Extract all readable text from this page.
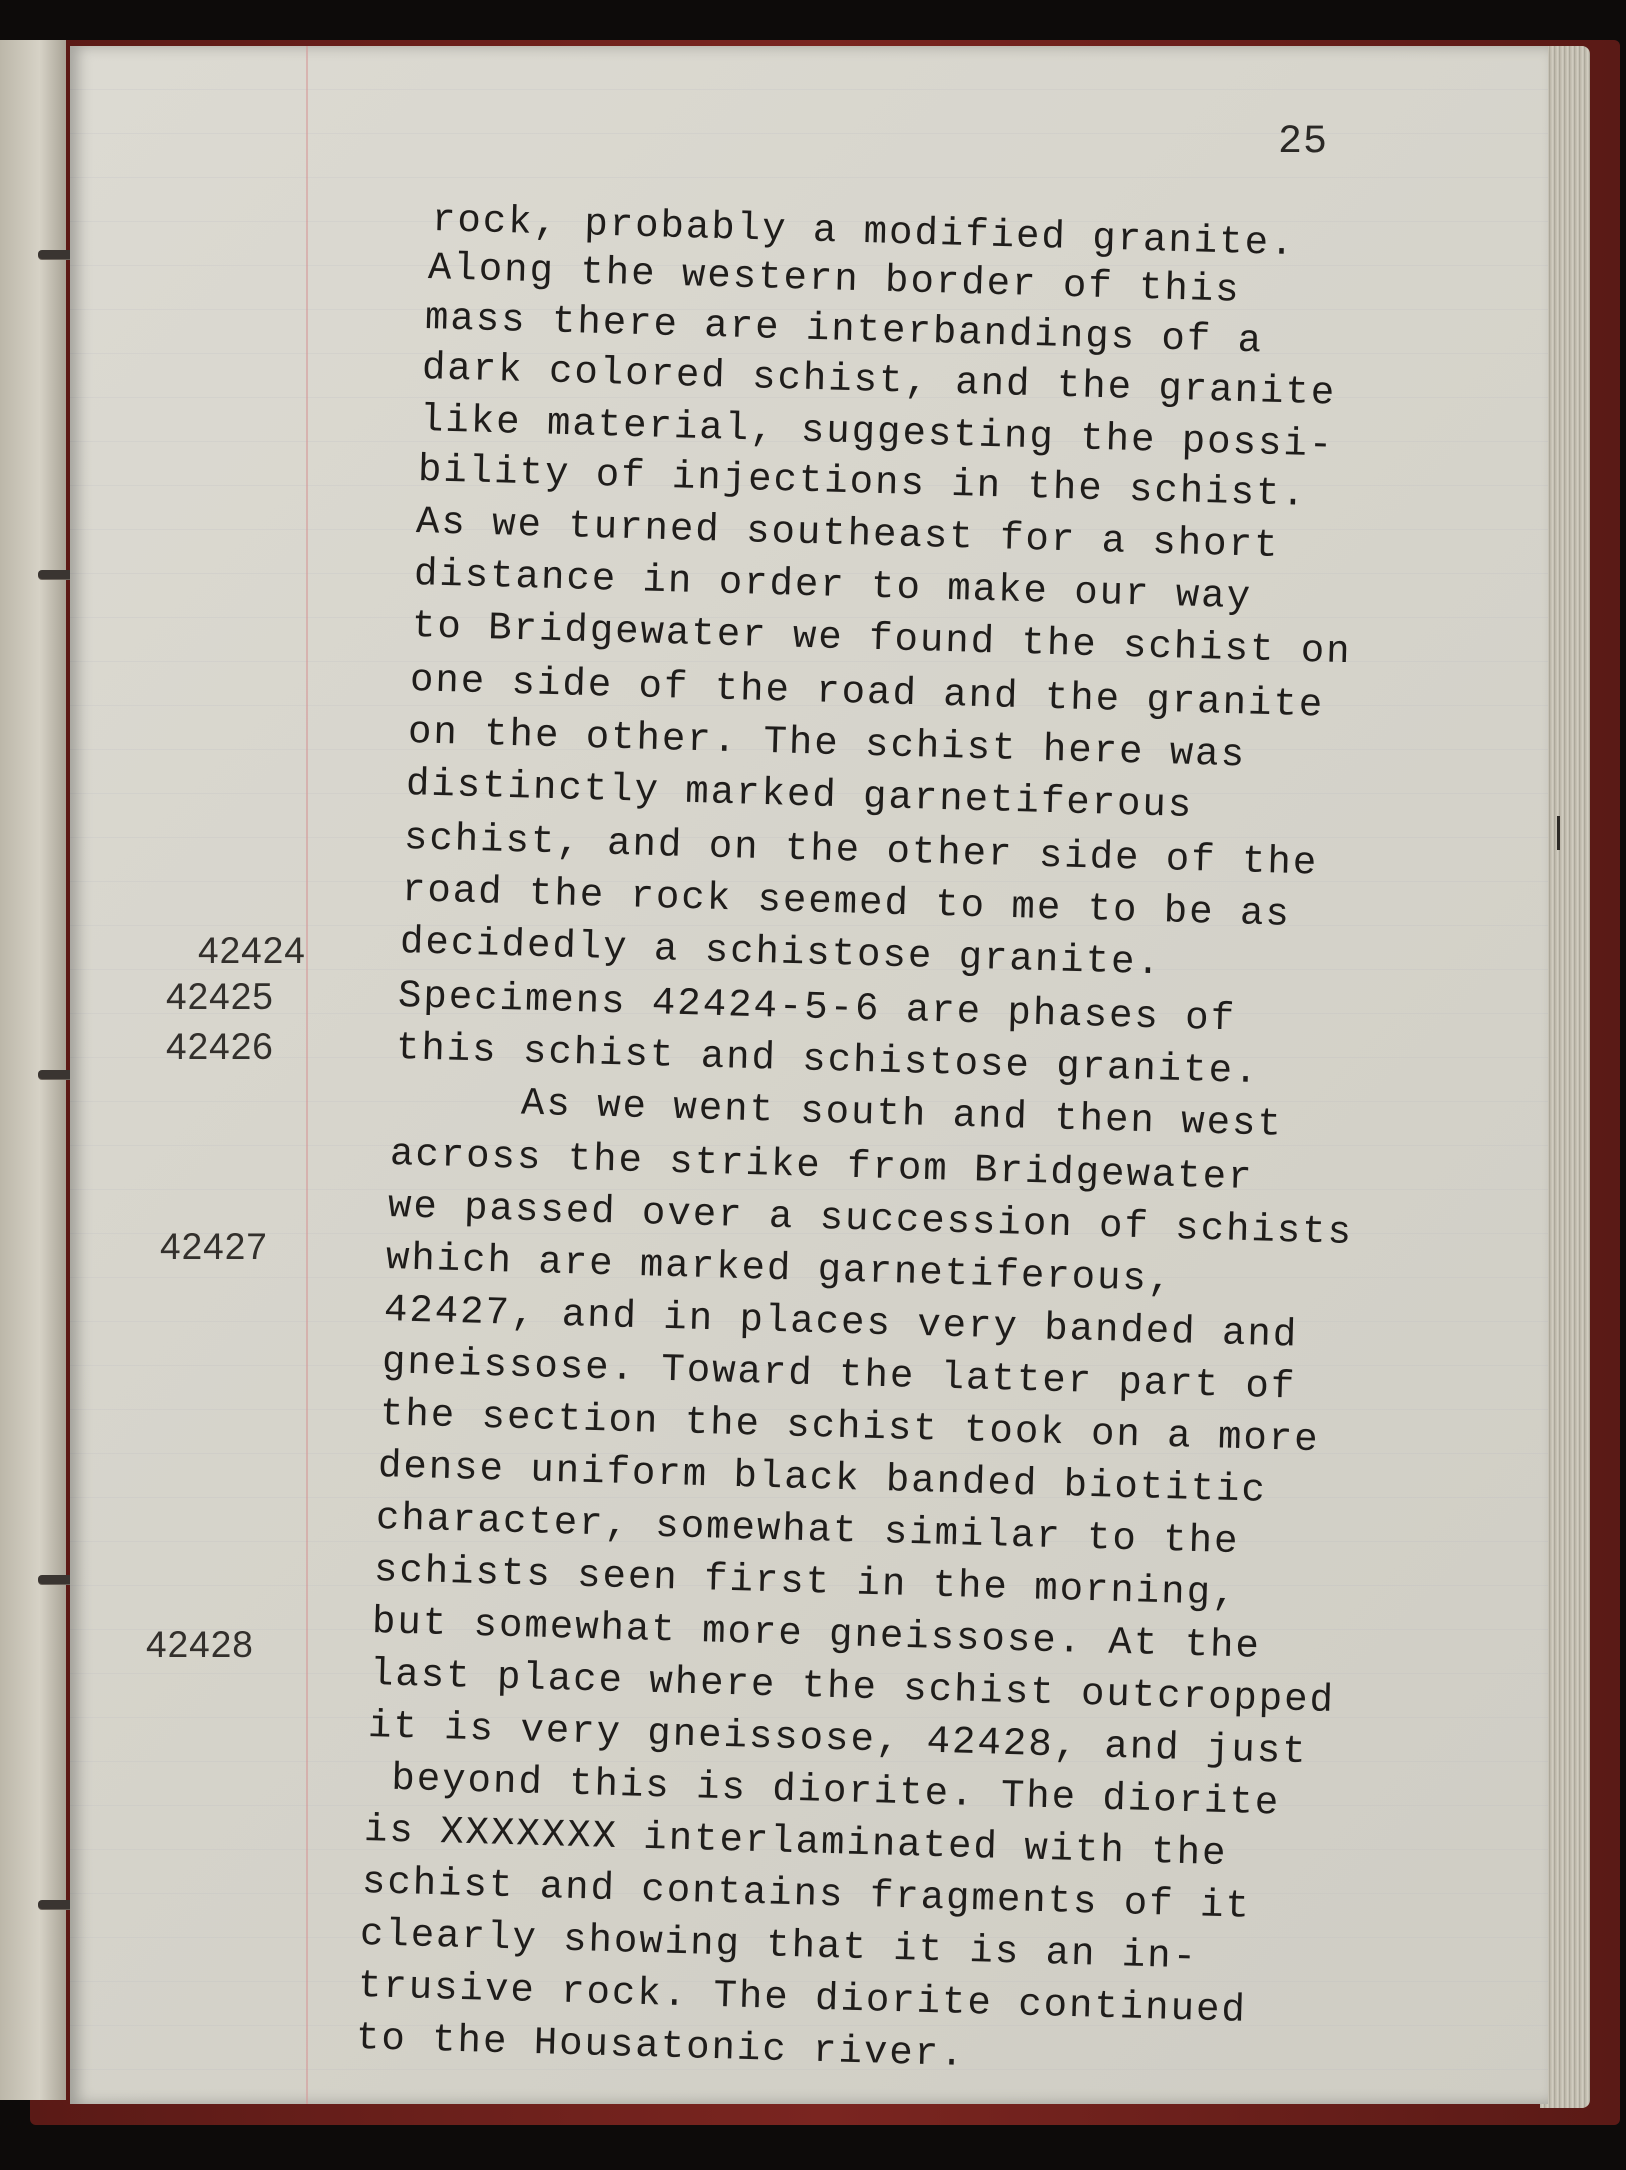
25
rock, probably a modified granite.
Along the western border of this
mass there are interbandings of a
dark colored schist, and the granite
like material, suggesting the possi-
bility of injections in the schist.
As we turned southeast for a short
distance in order to make our way
to Bridgewater we found the schist on
one side of the road and the granite
on the other. The schist here was
distinctly marked garnetiferous
schist, and on the other side of the
road the rock seemed to me to be as
decidedly a schistose granite.
Specimens 42424-5-6 are phases of
this schist and schistose granite.
As we went south and then west
across the strike from Bridgewater
we passed over a succession of schists
which are marked garnetiferous,
42427, and in places very banded and
gneissose. Toward the latter part of
the section the schist took on a more
dense uniform black banded biotitic
character, somewhat similar to the
schists seen first in the morning,
but somewhat more gneissose. At the
last place where the schist outcropped
it is very gneissose, 42428, and just
beyond this is diorite. The diorite
is XXXXXXX interlaminated with the
schist and contains fragments of it
clearly showing that it is an in-
trusive rock. The diorite continued
to the Housatonic river.
42424
42425
42426
42427
42428
